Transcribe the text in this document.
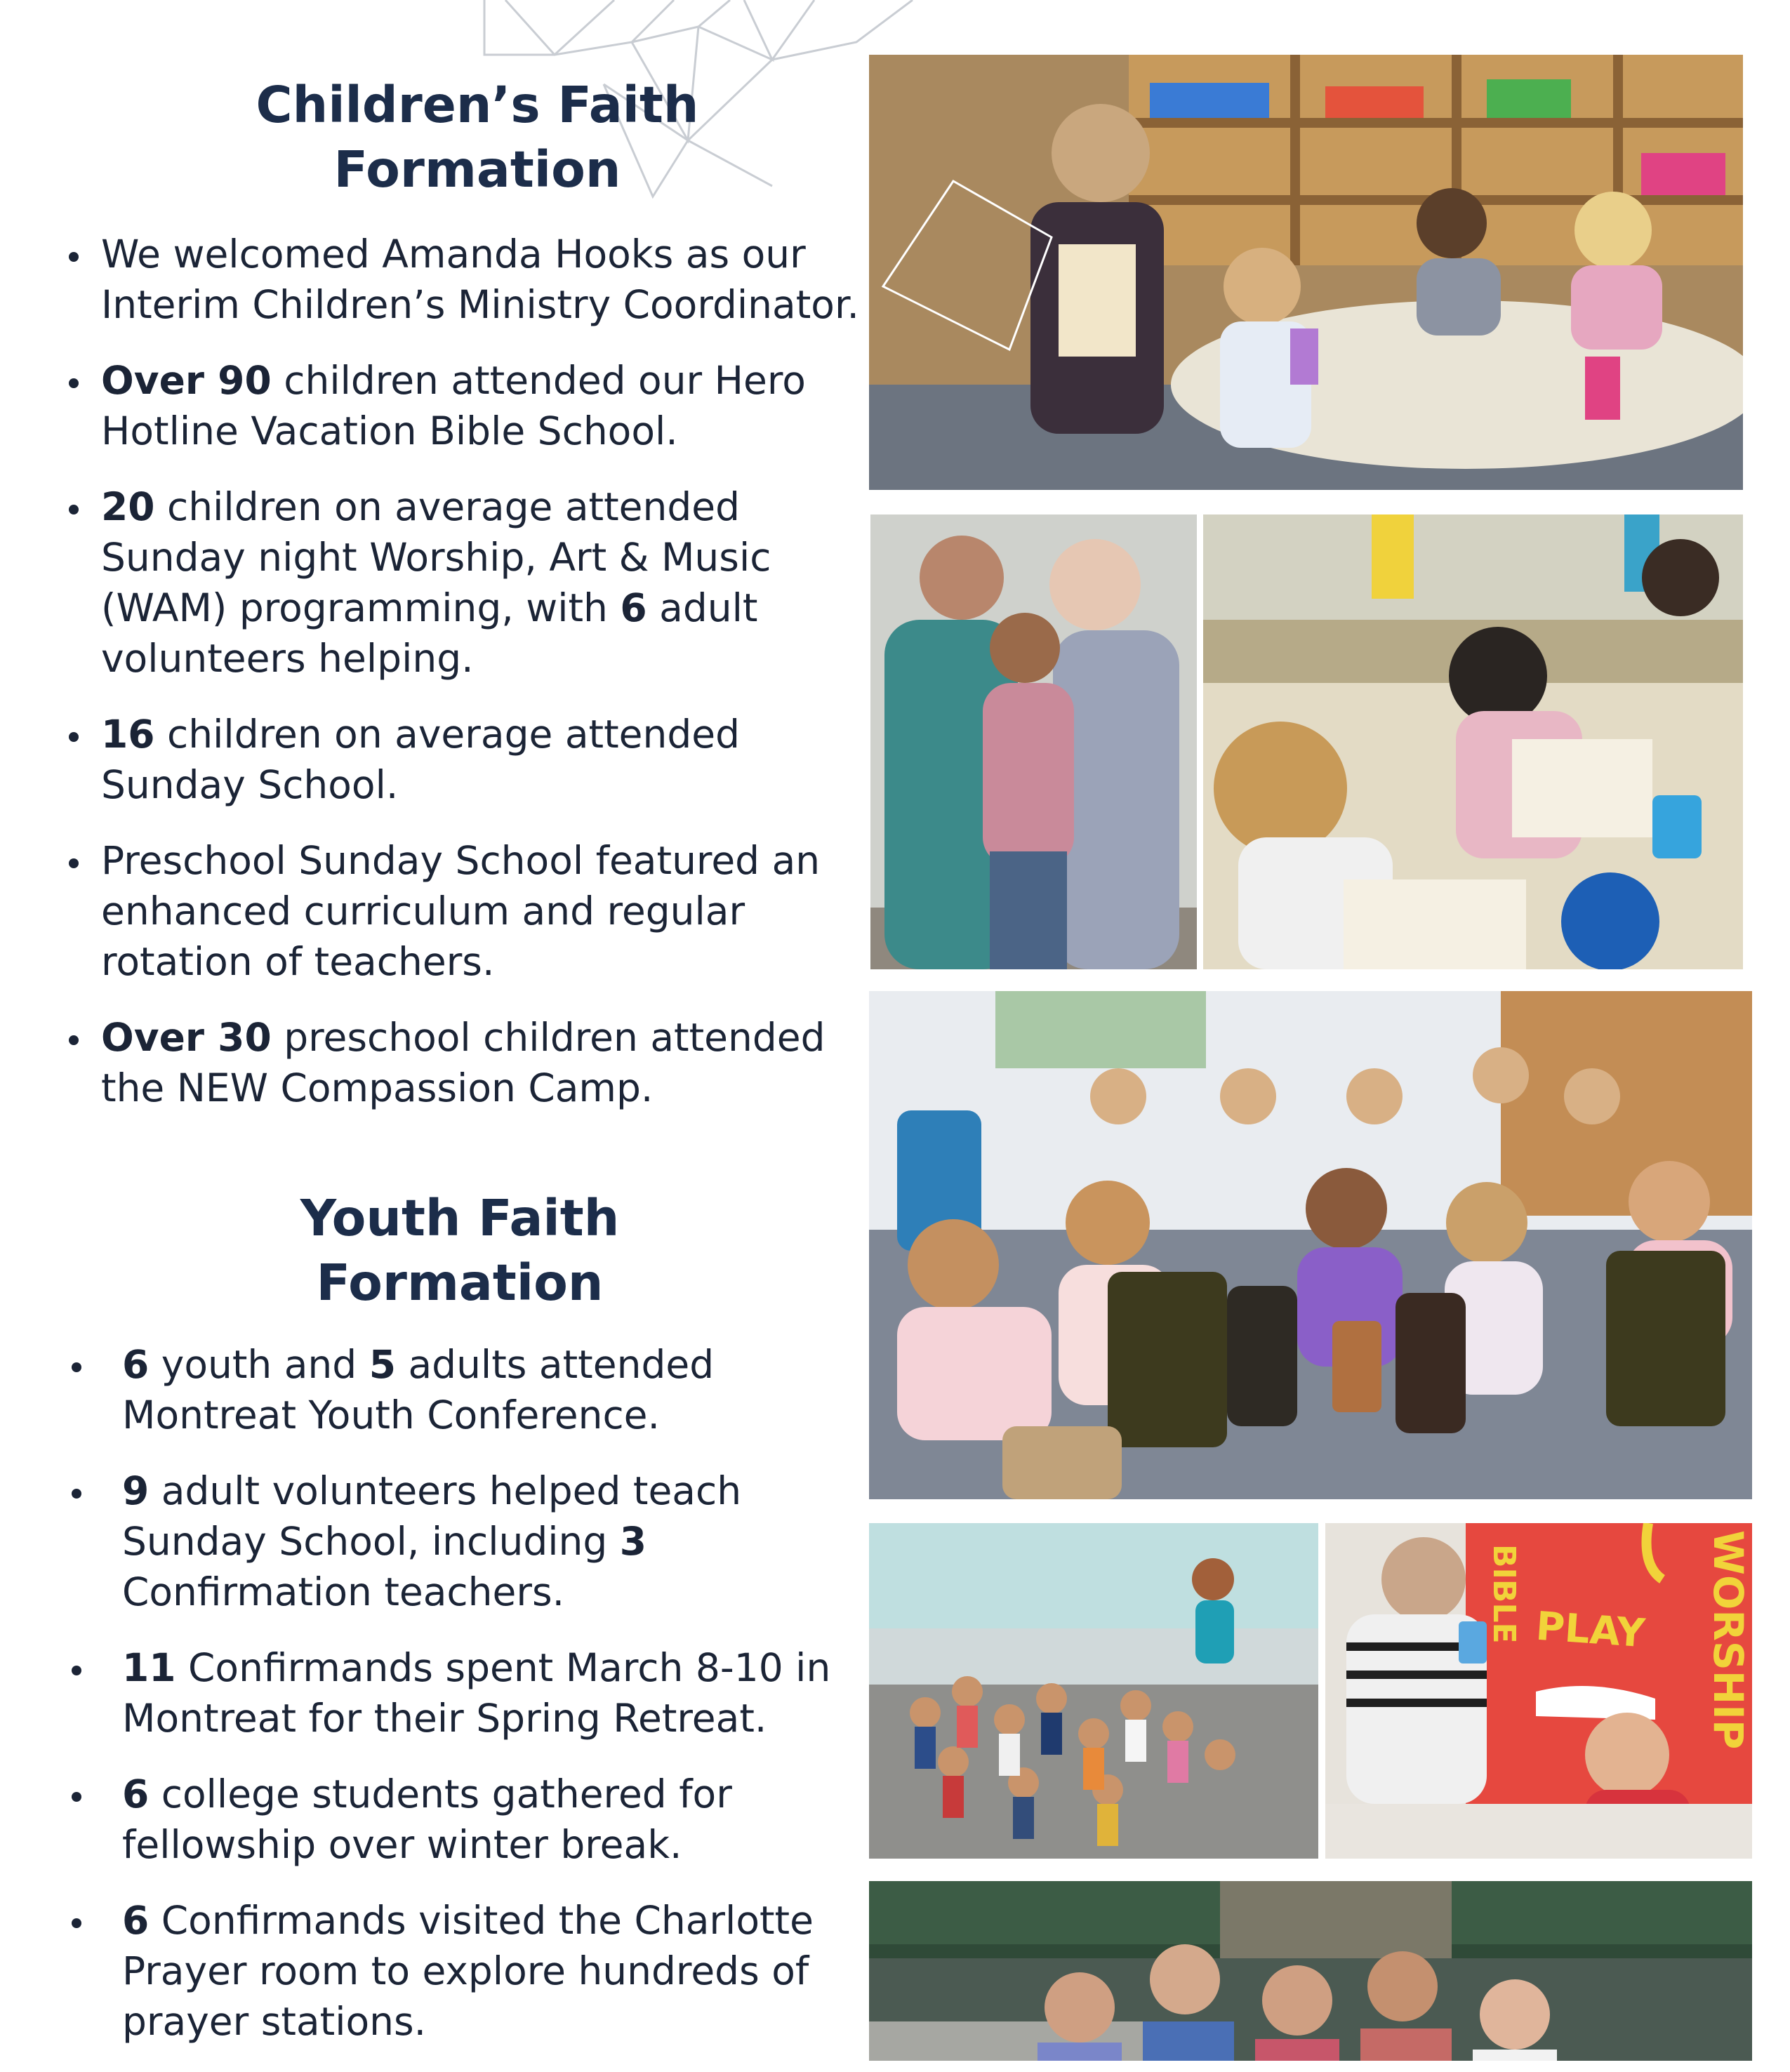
Children’s Faith
Formation
We welcomed Amanda Hooks as our Interim Children’s Ministry Coordinator.
Over 90 children attended our Hero Hotline Vacation Bible School.
20 children on average attended Sunday night Worship, Art & Music (WAM) programming, with 6 adult volunteers helping.
16 children on average attended Sunday School.
Preschool Sunday School featured an enhanced curriculum and regular rotation of teachers.
Over 30 preschool children attended the NEW Compassion Camp.
Youth Faith
Formation
6 youth and 5 adults attended Montreat Youth Conference.
9 adult volunteers helped teach Sunday School, including 3 Confirmation teachers.
11 Confirmands spent March 8-10 in Montreat for their Spring Retreat.
6 college students gathered for fellowship over winter break.
6 Confirmands visited the Charlotte Prayer room to explore hundreds of prayer stations.
BIBLE PLAY WORSHIP
